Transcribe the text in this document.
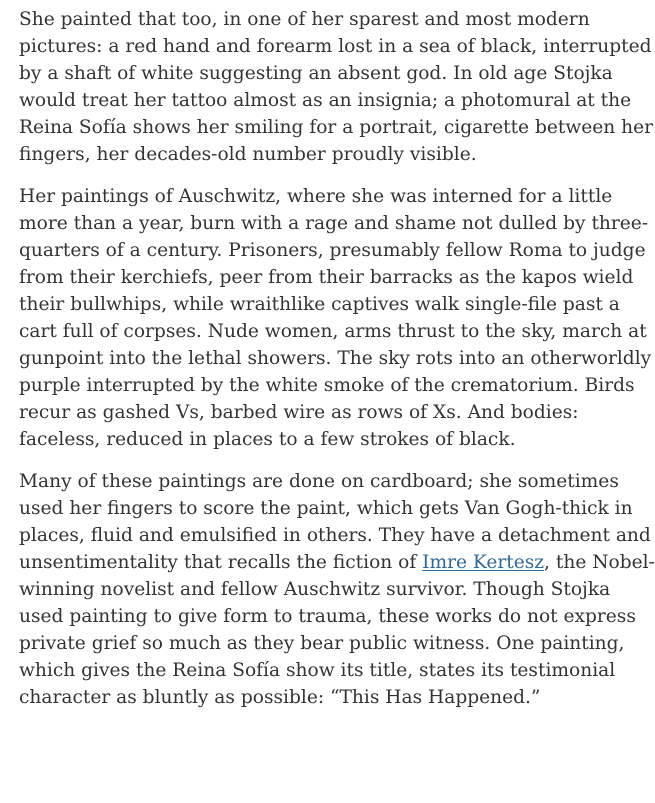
She painted that too, in one of her sparest and most modern
pictures: a red hand and forearm lost in a sea of black, interrupted
by a shaft of white suggesting an absent god. In old age Stojka
would treat her tattoo almost as an insignia; a photomural at the
Reina Sofía shows her smiling for a portrait, cigarette between her
fingers, her decades-old number proudly visible.

Her paintings of Auschwitz, where she was interned for a little
more than a year, burn with a rage and shame not dulled by three-
quarters of a century. Prisoners, presumably fellow Roma to judge
from their kerchiefs, peer from their barracks as the kapos wield
their bullwhips, while wraithlike captives walk single-file past a
cart full of corpses. Nude women, arms thrust to the sky, march at
gunpoint into the lethal showers. The sky rots into an otherworldly
purple interrupted by the white smoke of the crematorium. Birds
recur as gashed Vs, barbed wire as rows of Xs. And bodies:
faceless, reduced in places to a few strokes of black.

Many of these paintings are done on cardboard; she sometimes
used her fingers to score the paint, which gets Van Gogh-thick in
places, fluid and emulsified in others. They have a detachment and
unsentimentality that recalls the fiction of Imre Kertesz, the Nobel-
winning novelist and fellow Auschwitz survivor. Though Stojka
used painting to give form to trauma, these works do not express
private grief so much as they bear public witness. One painting,
which gives the Reina Sofía show its title, states its testimonial
character as bluntly as possible: “This Has Happened.”
